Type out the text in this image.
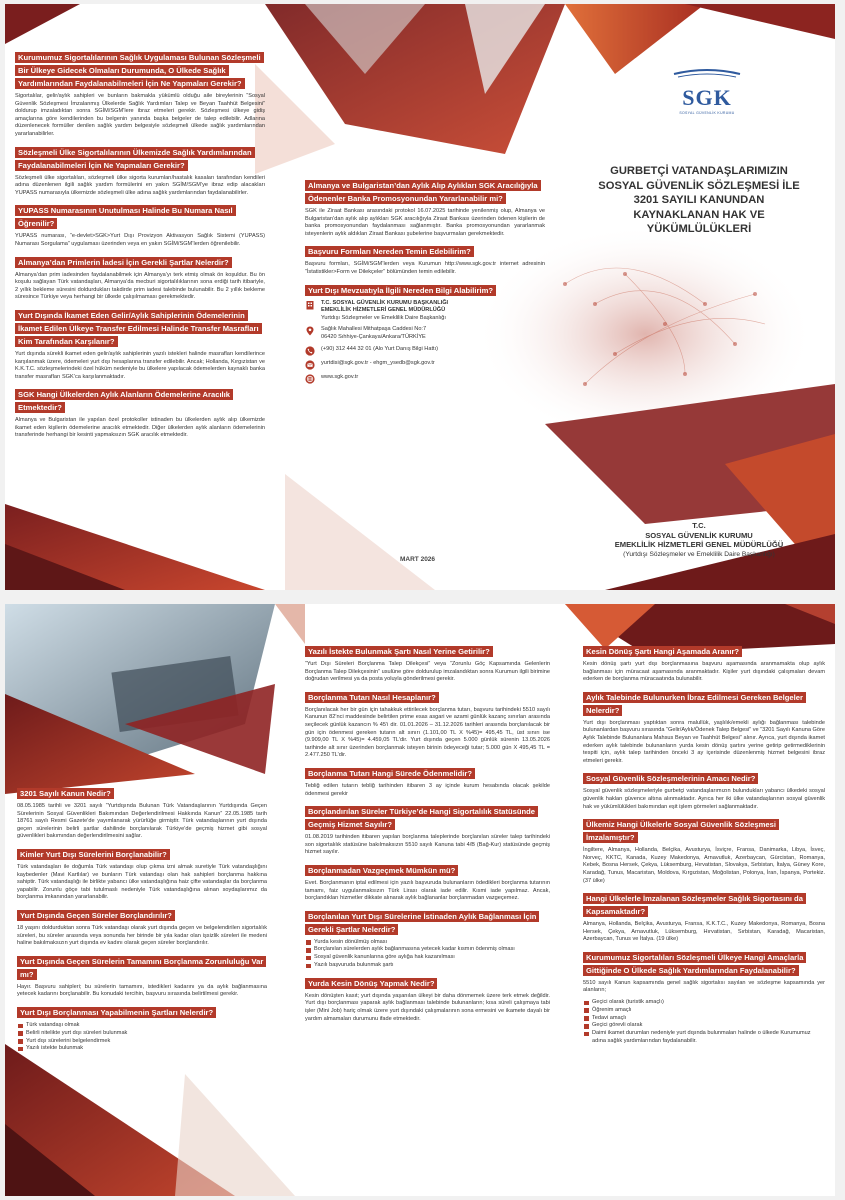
Kurumumuz Sigortalılarının Sağlık Uygulaması Bulunan Sözleşmeli Bir Ülkeye Gidecek Olmaları Durumunda, O Ülkede Sağlık Yardımlarından Faydalanabilmeleri İçin Ne Yapmaları Gerekir?

Sigortalılar, gelir/aylık sahipleri ve bunların bakmakla yükümlü olduğu aile bireylerinin “Sosyal Güvenlik Sözleşmesi İmzalanmış Ülkelerde Sağlık Yardımları Talep ve Beyan Taahhüt Belgesini” doldurup imzaladıktan sonra SGİM/SGM’lere ibraz etmeleri gerekir. Sözleşmesi ülkeye gidiş amaçlarına göre kendilerinden bu belgenin yanında başka belgeler de talep edilebilir. Adlarına düzenlenecek formüller denilen sağlık yardım belgesiyle sözleşmeli ülkede sağlık yardımlarından yararlanabilirler.

Sözleşmeli Ülke Sigortalılarının Ülkemizde Sağlık Yardımlarından Faydalanabilmeleri İçin Ne Yapmaları Gerekir?

Sözleşmeli ülke sigortalıları, sözleşmeli ülke sigorta kurumları/hastalık kasaları tarafından kendileri adına düzenlenen ilgili sağlık yardım formülerini en yakın SGİM/SGM’ye ibraz edip alacakları YUPASS numarasıyla ülkemizde sözleşmeli ülke adına sağlık yardımlarından faydalanabilirler.

YUPASS Numarasının Unutulması Halinde Bu Numara Nasıl Öğrenilir?

YUPASS numarası, “e-devlet>SGK>Yurt Dışı Provizyon Aktivasyon Sağlık Sistemi (YUPASS) Numarası Sorgulama” uygulaması üzerinden veya en yakın SGİM/SGM’lerden öğrenilebilir.

Almanya’dan Primlerin İadesi İçin Gerekli Şartlar Nelerdir?

Almanya’dan prim iadesinden faydalanabilmek için Almanya’yı terk etmiş olmak ön koşuldur. Bu ön koşulu sağlayan Türk vatandaşları, Almanya’da mecburi sigortalılıklarının sona erdiği tarih itibariyle, 2 yıllık bekleme süresini doldurdukları takdirde prim iadesi talebinde bulunabilir. Bu 2 yıllık bekleme süresince Türkiye veya herhangi bir ülkede çalışılmaması gerekmektedir.

Yurt Dışında İkamet Eden Gelir/Aylık Sahiplerinin Ödemelerinin İkamet Edilen Ülkeye Transfer Edilmesi Halinde Transfer Masrafları Kim Tarafından Karşılanır?

Yurt dışında sürekli ikamet eden gelir/aylık sahiplerinin yazılı istekleri halinde masrafları kendilerince karşılanmak üzere, ödemeleri yurt dışı hesaplarına transfer edilebilir. Ancak; Hollanda, Kırgızistan ve K.K.T.C. sözleşmelerindeki özel hüküm nedeniyle bu ülkelere yapılacak ödemelerden kaynaklı banka transfer masrafları SGK’ca karşılanmaktadır.

SGK Hangi Ülkelerden Aylık Alanların Ödemelerine Aracılık Etmektedir?

Almanya ve Bulgaristan ile yapılan özel protokoller istinaden bu ülkelerden aylık alıp ülkemizde ikamet eden kişilerin ödemelerine aracılık etmektedir. Diğer ülkelerden aylık alanların ödemelerinin transferinde herhangi bir kesinti yapmaksızın SGK aracılık etmektedir.

Almanya ve Bulgaristan’dan Aylık Alıp Aylıkları SGK Aracılığıyla Ödenenler Banka Promosyonundan Yararlanabilir mi?

SGK ile Ziraat Bankası arasındaki protokol 16.07.2025 tarihinde yenilenmiş olup, Almanya ve Bulgaristan’dan aylık alıp aylıkları SGK aracılığıyla Ziraat Bankası üzerinden ödenen kişilerin de banka promosyonundan faydalanması sağlanmıştır. Banka promosyonundan yararlanmak isteyenlerin aylık aldıkları Ziraat Bankası şubelerine başvurmaları gerekmektedir.

Başvuru Formları Nereden Temin Edebilirim?

Başvuru formları, SGİM/SGM’lerden veya Kurumun http://www.sgk.gov.tr internet adresinin “İstatistikler>Form ve Dilekçeler” bölümünden temin edilebilir.

Yurt Dışı Mevzuatıyla İlgili Nereden Bilgi Alabilirim?
T.C. SOSYAL GÜVENLİK KURUMU BAŞKANLIĞI
EMEKLİLİK HİZMETLERİ GENEL MÜDÜRLÜĞÜ
Yurtdışı Sözleşmeler ve Emeklilik Daire Başkanlığı
Sağlık Mahallesi Mithatpaşa Caddesi No:7
06420 Sıhhiye-Çankaya/Ankara/TÜRKİYE
(+90) 312 444 32 01 (Alo Yurt Danış Bilgi Hattı)
yurtdisi@sgk.gov.tr - ehgm_ysedb@sgk.gov.tr
www.sgk.gov.tr
MART 2026
SGK
SOSYAL GÜVENLİK KURUMU
GURBETÇİ VATANDAŞLARIMIZIN
SOSYAL GÜVENLİK SÖZLEŞMESİ İLE
3201 SAYILI KANUNDAN
KAYNAKLANAN HAK VE
YÜKÜMLÜLÜKLERİ
T.C.
SOSYAL GÜVENLİK KURUMU
EMEKLİLİK HİZMETLERİ GENEL MÜDÜRLÜĞÜ
(Yurtdışı Sözleşmeler ve Emeklilik Daire Başkanlığı)
3201 Sayılı Kanun Nedir?

08.05.1985 tarihli ve 3201 sayılı “Yurtdışında Bulunan Türk Vatandaşlarının Yurtdışında Geçen Sürelerinin Sosyal Güvenlikleri Bakımından Değerlendirilmesi Hakkında Kanun” 22.05.1985 tarih 18761 sayılı Resmi Gazete’de yayımlanarak yürürlüğe girmiştir. Türk vatandaşlarının yurt dışında geçen sürelerinin belirli şartlar dahilinde borçlanılarak Türkiye’de geçmiş hizmet gibi sosyal güvenlikleri bakımından değerlendirilmesini sağlar.

Kimler Yurt Dışı Sürelerini Borçlanabilir?

Türk vatandaşları ile doğumla Türk vatandaşı olup çıkma izni almak suretiyle Türk vatandaşlığını kaybedenler (Mavi Kartlılar) ve bunların Türk vatandaşı olan hak sahipleri borçlanma hakkına sahiptir. Türk vatandaşlığı ile birlikte yabancı ülke vatandaşlığına haiz çifte vatandaşlar da borçlanma yapabilir. Zorunlu göçe tabi tutulmaslı nedeniyle Türk vatandaşlığına alınan soydaşlarımız da borçlanma imkanından yararlanabilir.

Yurt Dışında Geçen Süreler Borçlandırılır?

18 yaşını doldurduktan sonra Türk vatandaşı olarak yurt dışında geçen ve belgelendirilen sigortalılık süreleri, bu süreler arasında veya sonunda her birinde bir yıla kadar olan işsizlik süreleri ile medeni haline bakılmaksızın yurt dışında ev kadını olarak geçen süreler borçlandırılır.

Yurt Dışında Geçen Sürelerin Tamamını Borçlanma Zorunluluğu Var mı?

Hayır. Başvuru sahipleri; bu sürelerin tamamını, istedikleri kadarını ya da aylık bağlanmasına yetecek kadarını borçlanabilir. Bu konudaki tercihin, başvuru sırasında belirtilmesi gerekir.

Yurt Dışı Borçlanması Yapabilmenin Şartları Nelerdir?
Türk vatandaşı olmak
Belirli nitelikte yurt dışı süreleri bulunmak
Yurt dışı sürelerini belgelendirmek
Yazılı istekte bulunmak
Yazılı İstekte Bulunmak Şartı Nasıl Yerine Getirilir?

“Yurt Dışı Süreleri Borçlanma Talep Dilekçesi” veya “Zorunlu Göç Kapsamında Gelenlerin Borçlanma Talep Dilekçesinin” usulüne göre doldurulup imzalandıktan sonra Kurumun ilgili birimine doğrudan verilmesi ya da posta yoluyla gönderilmesi gerekir.

Borçlanma Tutarı Nasıl Hesaplanır?

Borçlanılacak her bir gün için tahakkuk ettirilecek borçlanma tutarı, başvuru tarihindeki 5510 sayılı Kanunun 82’nci maddesinde belirtilen prime esas asgari ve azami günlük kazanç sınırları arasında seçilecek günlük kazancın % 45’i dir. 01.01.2026 – 31.12.2026 tarihleri arasında borçlanılacak bir gün için ödenmesi gereken tutarın alt sınırı (1.101,00 TL X %45)= 495,45 TL, üst sınırı ise (9.909,00 TL X %45)= 4.459,05 TL’dir. Yurt dışında geçen 5.000 günlük sürenin 13.05.2026 tarihinde alt sınır üzerinden borçlanmak isteyen birinin ödeyeceği tutar; 5.000 gün X 495,45 TL = 2.477.250 TL’dir.

Borçlanma Tutarı Hangi Sürede Ödenmelidir?

Tebliğ edilen tutarın tebliğ tarihinden itibaren 3 ay içinde kurum hesabında olacak şekilde ödenmesi gerekir

Borçlandırılan Süreler Türkiye’de Hangi Sigortalılık Statüsünde Geçmiş Hizmet Sayılır?

01.08.2019 tarihinden itibaren yapılan borçlanma taleplerinde borçlanılan süreler talep tarihindeki son sigortalılık statüsüne bakılmaksızın 5510 sayılı Kanuna tabi 4/B (Bağ-Kur) statüsünde geçmiş hizmet sayılır.

Borçlanmadan Vazgeçmek Mümkün mü?

Evet. Borçlanmanın iptal edilmesi için yazılı başvuruda bulunanların ödedikleri borçlanma tutarının tamamı, faiz uygulanmaksızın Türk Lirası olarak iade edilir. Kısmi iade yapılmaz. Ancak, borçlandıkları hizmetler dikkate alınarak aylık bağlananlar borçlanmadan vazgeçemez.

Borçlanılan Yurt Dışı Sürelerine İstinaden Aylık Bağlanması İçin Gerekli Şartlar Nelerdir?
Yurda kesin dönülmüş olması
Borçlanılan sürelerden aylık bağlanmasına yetecek kadar kısmın ödenmiş olması
Sosyal güvenlik kanunlarına göre aylığa hak kazanılması
Yazılı başvuruda bulunmak şartı
Yurda Kesin Dönüş Yapmak Nedir?

Kesin dönüşten kasıt; yurt dışında yaşanılan ülkeyi bir daha dönmemek üzere terk etmek değildir. Yurt dışı borçlanması yaparak aylık bağlanması talebinde bulunanların; kısa süreli çalışmaya tabi işler (Mini Job) hariç olmak üzere yurt dışındaki çalışmalarının sona ermesini ve ikamete dayalı bir yardım almamaları durumunu ifade etmektedir.

Kesin Dönüş Şartı Hangi Aşamada Aranır?

Kesin dönüş şartı yurt dışı borçlanmasına başvuru aşamasında aranmamakta olup aylık bağlanması için müracaat aşamasında aranmaktadır. Kişiler yurt dışındaki çalışmaları devam ederken de borçlanma müracaatında bulunabilir.

Aylık Talebinde Bulunurken İbraz Edilmesi Gereken Belgeler Nelerdir?

Yurt dışı borçlanması yaptıktan sonra malullük, yaşlılık/emekli aylığı bağlanması talebinde bulunanlardan başvuru sırasında “Gelir/Aylık/Ödenek Talep Belgesi” ve “3201 Sayılı Kanuna Göre Aylık Talebinde Bulunanlara Mahsus Beyan ve Taahhüt Belgesi” alınır. Ayrıca, yurt dışında ikamet ederken aylık talebinde bulunanların yurda kesin dönüş şartını yerine getirip getirmediklerinin tespiti için, aylık talep tarihinden önceki 3 ay içerisinde düzenlenmiş hizmet belgesini ibraz etmeleri gerekir.

Sosyal Güvenlik Sözleşmelerinin Amacı Nedir?

Sosyal güvenlik sözleşmeleriyle gurbetçi vatandaşlarımızın bulundukları yabancı ülkedeki sosyal güvenlik hakları güvence altına alınmaktadır. Ayrıca her iki ülke vatandaşlarının sosyal güvenlik hak ve yükümlülükleri bakımından eşit işlem görmeleri sağlanmaktadır.

Ülkemiz Hangi Ülkelerle Sosyal Güvenlik Sözleşmesi İmzalamıştır?

İngiltere, Almanya, Hollanda, Belçika, Avusturya, İsviçre, Fransa, Danimarka, Libya, İsveç, Norveç, KKTC, Kanada, Kuzey Makedonya, Arnavutluk, Azerbaycan, Gürcistan, Romanya, Kebek, Bosna Hersek, Çekya, Lüksemburg, Hırvatistan, Slovakya, Sırbistan, İtalya, Güney Kore, Karadağ, Tunus, Macaristan, Moldova, Kırgızistan, Moğolistan, Polonya, İran, İspanya, Portekiz. (37 ülke)

Hangi Ülkelerle İmzalanan Sözleşmeler Sağlık Sigortasını da Kapsamaktadır?

Almanya, Hollanda, Belçika, Avusturya, Fransa, K.K.T.C., Kuzey Makedonya, Romanya, Bosna Hersek, Çekya, Arnavutluk, Lüksemburg, Hırvatistan, Sırbistan, Karadağ, Macaristan, Azerbaycan, Tunus ve İtalya. (19 ülke)

Kurumumuz Sigortalıları Sözleşmeli Ülkeye Hangi Amaçlarla Gittiğinde O Ülkede Sağlık Yardımlarından Faydalanabilir?

5510 sayılı Kanun kapsamında genel sağlık sigortalısı sayılan ve sözleşme kapsamında yer alanların;

Geçici olarak (turistik amaçlı)
Öğrenim amaçlı
Tedavi amaçlı
Geçici görevli olarak
Daimi ikamet durumları nedeniyle yurt dışında bulunmaları halinde o ülkede Kurumumuz adına sağlık yardımlarından faydalanabilir.
